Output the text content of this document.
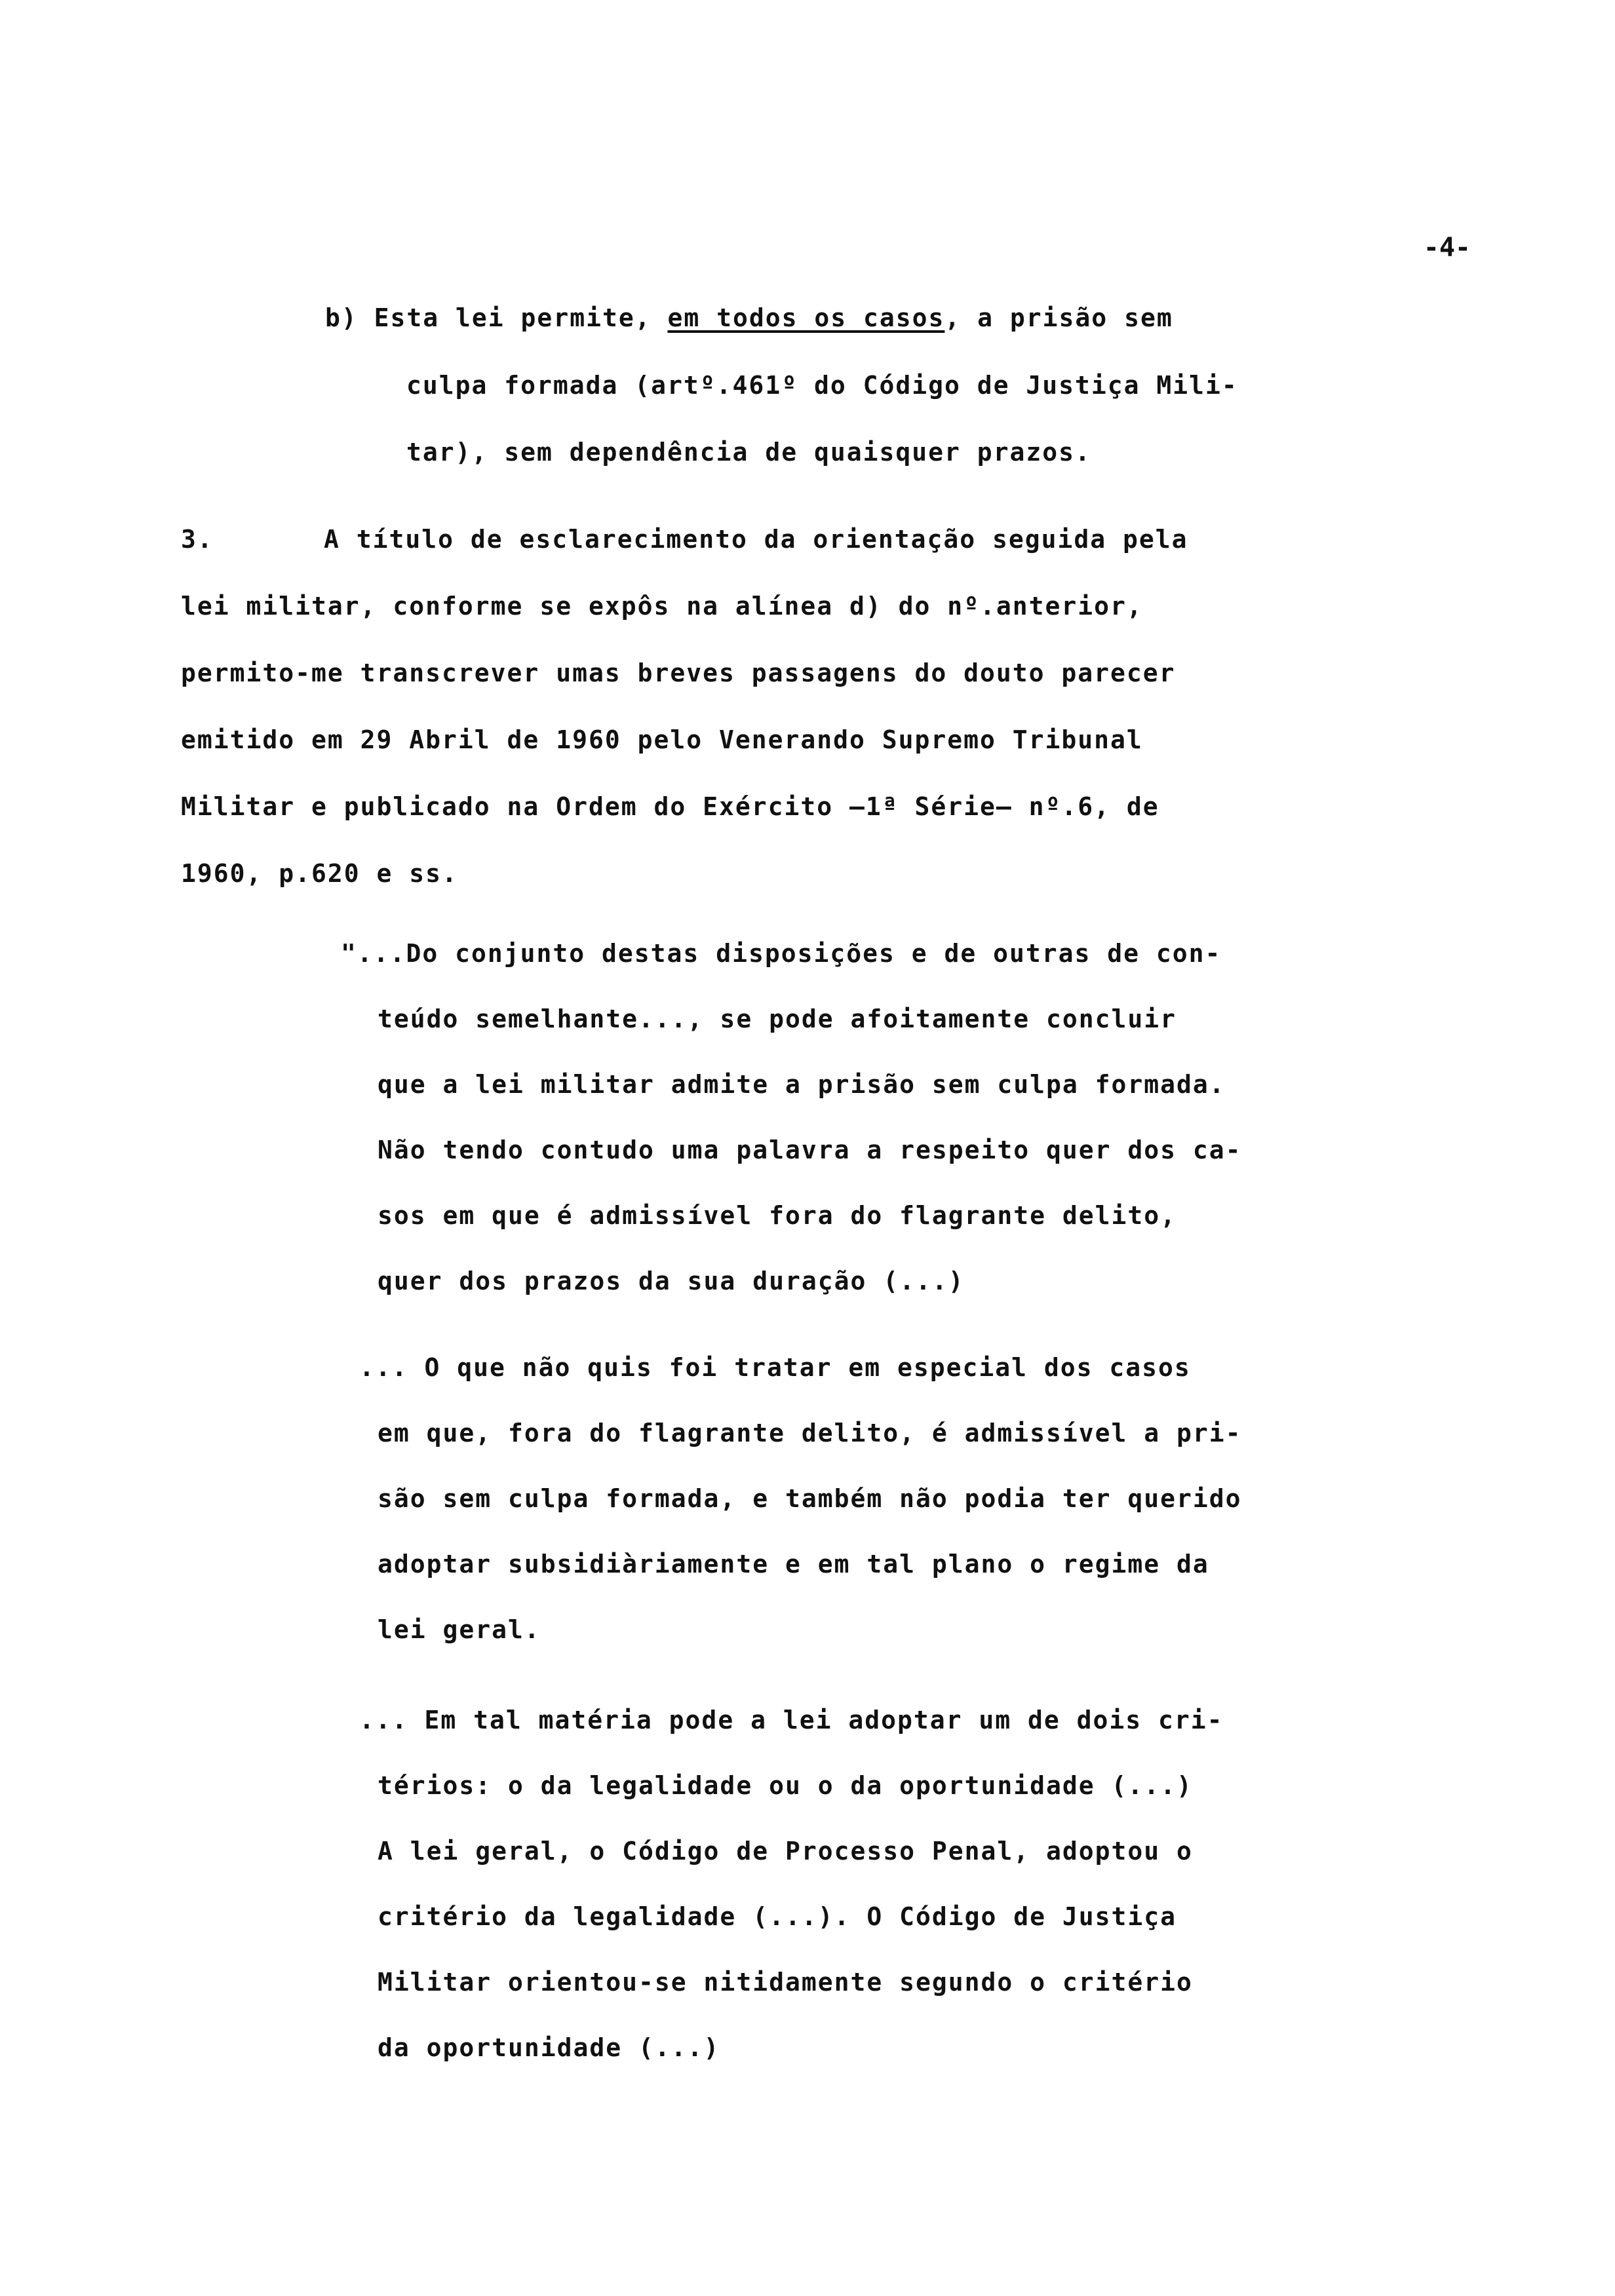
-4-
b) Esta lei permite, em todos os casos, a prisão sem
culpa formada (artº.461º do Código de Justiça Mili-
tar), sem dependência de quaisquer prazos.
3.	A título de esclarecimento da orientação seguida pela
lei militar, conforme se expôs na alínea d) do nº.anterior,
permito-me transcrever umas breves passagens do douto parecer
emitido em 29 Abril de 1960 pelo Venerando Supremo Tribunal
Militar e publicado na Ordem do Exército —1ª Série— nº.6, de
1960, p.620 e ss.
"...Do conjunto destas disposições e de outras de con-
teúdo semelhante..., se pode afoitamente concluir
que a lei militar admite a prisão sem culpa formada.
Não tendo contudo uma palavra a respeito quer dos ca-
sos em que é admissível fora do flagrante delito,
quer dos prazos da sua duração (...)
... O que não quis foi tratar em especial dos casos
em que, fora do flagrante delito, é admissível a pri-
são sem culpa formada, e também não podia ter querido
adoptar subsidiàriamente e em tal plano o regime da
lei geral.
... Em tal matéria pode a lei adoptar um de dois cri-
térios: o da legalidade ou o da oportunidade (...)
A lei geral, o Código de Processo Penal, adoptou o
critério da legalidade (...). O Código de Justiça
Militar orientou-se nitidamente segundo o critério
da oportunidade (...)
